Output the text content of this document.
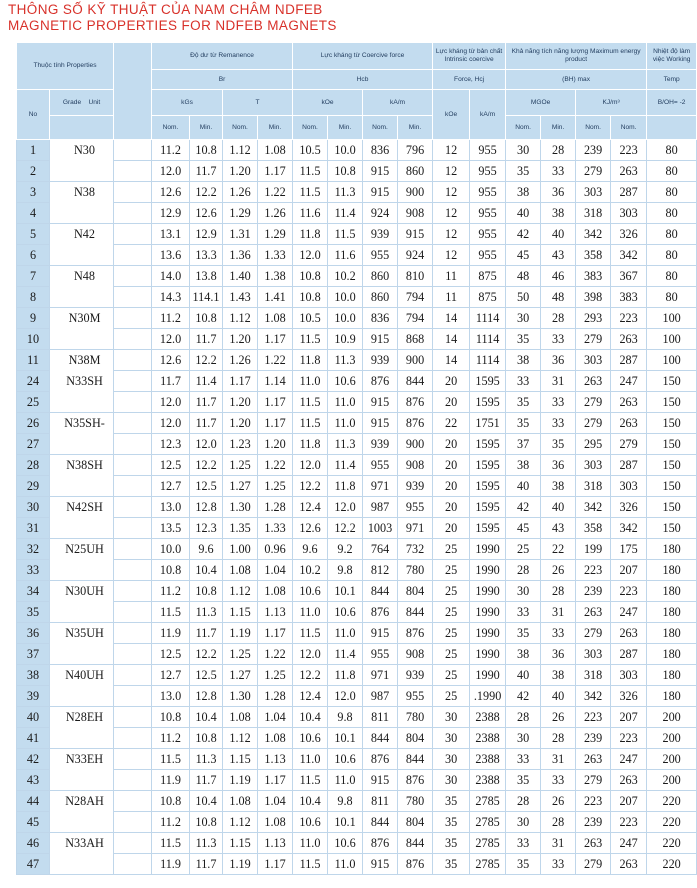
THÔNG SỐ KỸ THUẬT CỦA NAM CHÂM NDFEB
MAGNETIC PROPERTIES FOR NDFEB MAGNETS
Thuộc tính Properties			Độ dư từ Remanence				Lực kháng từ Coercive force				Lực kháng từ bản chất Intrinsic coercive		Khả năng tích năng lượng Maximum energy product				Nhiệt độ làm việc Working
			Br				Hcb				Force, Hcj		(BH) max				Temp
No	Grade Unit		kGs		T		kOe		kA/m		kOe	kA/m	MGOe		KJ/m³		B/OH= -2
			Nom.	Min.	Nom.	Min.	Nom.	Min.	Nom.	Min.			Nom.	Min.	Nom.	Nom.	
1	N30		11.2	10.8	1.12	1.08	10.5	10.0	836	796	12	955	30	28	239	223	80
2			12.0	11.7	1.20	1.17	11.5	10.8	915	860	12	955	35	33	279	263	80
3	N38		12.6	12.2	1.26	1.22	11.5	11.3	915	900	12	955	38	36	303	287	80
4			12.9	12.6	1.29	1.26	11.6	11.4	924	908	12	955	40	38	318	303	80
5	N42		13.1	12.9	1.31	1.29	11.8	11.5	939	915	12	955	42	40	342	326	80
6			13.6	13.3	1.36	1.33	12.0	11.6	955	924	12	955	45	43	358	342	80
7	N48		14.0	13.8	1.40	1.38	10.8	10.2	860	810	11	875	48	46	383	367	80
8			14.3	114.1	1.43	1.41	10.8	10.0	860	794	11	875	50	48	398	383	80
9	N30M		11.2	10.8	1.12	1.08	10.5	10.0	836	794	14	1114	30	28	293	223	100
10			12.0	11.7	1.20	1.17	11.5	10.9	915	868	14	1114	35	33	279	263	100
11	N38M		12.6	12.2	1.26	1.22	11.8	11.3	939	900	14	1114	38	36	303	287	100
24	N33SH		11.7	11.4	1.17	1.14	11.0	10.6	876	844	20	1595	33	31	263	247	150
25			12.0	11.7	1.20	1.17	11.5	11.0	915	876	20	1595	35	33	279	263	150
26	N35SH-		12.0	11.7	1.20	1.17	11.5	11.0	915	876	22	1751	35	33	279	263	150
27			12.3	12.0	1.23	1.20	11.8	11.3	939	900	20	1595	37	35	295	279	150
28	N38SH		12.5	12.2	1.25	1.22	12.0	11.4	955	908	20	1595	38	36	303	287	150
29			12.7	12.5	1.27	1.25	12.2	11.8	971	939	20	1595	40	38	318	303	150
30	N42SH		13.0	12.8	1.30	1.28	12.4	12.0	987	955	20	1595	42	40	342	326	150
31			13.5	12.3	1.35	1.33	12.6	12.2	1003	971	20	1595	45	43	358	342	150
32	N25UH		10.0	9.6	1.00	0.96	9.6	9.2	764	732	25	1990	25	22	199	175	180
33			10.8	10.4	1.08	1.04	10.2	9.8	812	780	25	1990	28	26	223	207	180
34	N30UH		11.2	10.8	1.12	1.08	10.6	10.1	844	804	25	1990	30	28	239	223	180
35			11.5	11.3	1.15	1.13	11.0	10.6	876	844	25	1990	33	31	263	247	180
36	N35UH		11.9	11.7	1.19	1.17	11.5	11.0	915	876	25	1990	35	33	279	263	180
37			12.5	12.2	1.25	1.22	12.0	11.4	955	908	25	1990	38	36	303	287	180
38	N40UH		12.7	12.5	1.27	1.25	12.2	11.8	971	939	25	1990	40	38	318	303	180
39			13.0	12.8	1.30	1.28	12.4	12.0	987	955	25	.1990	42	40	342	326	180
40	N28EH		10.8	10.4	1.08	1.04	10.4	9.8	811	780	30	2388	28	26	223	207	200
41			11.2	10.8	1.12	1.08	10.6	10.1	844	804	30	2388	30	28	239	223	200
42	N33EH		11.5	11.3	1.15	1.13	11.0	10.6	876	844	30	2388	33	31	263	247	200
43			11.9	11.7	1.19	1.17	11.5	11.0	915	876	30	2388	35	33	279	263	200
44	N28AH		10.8	10.4	1.08	1.04	10.4	9.8	811	780	35	2785	28	26	223	207	220
45			11.2	10.8	1.12	1.08	10.6	10.1	844	804	35	2785	30	28	239	223	220
46	N33AH		11.5	11.3	1.15	1.13	11.0	10.6	876	844	35	2785	33	31	263	247	220
47			11.9	11.7	1.19	1.17	11.5	11.0	915	876	35	2785	35	33	279	263	220
